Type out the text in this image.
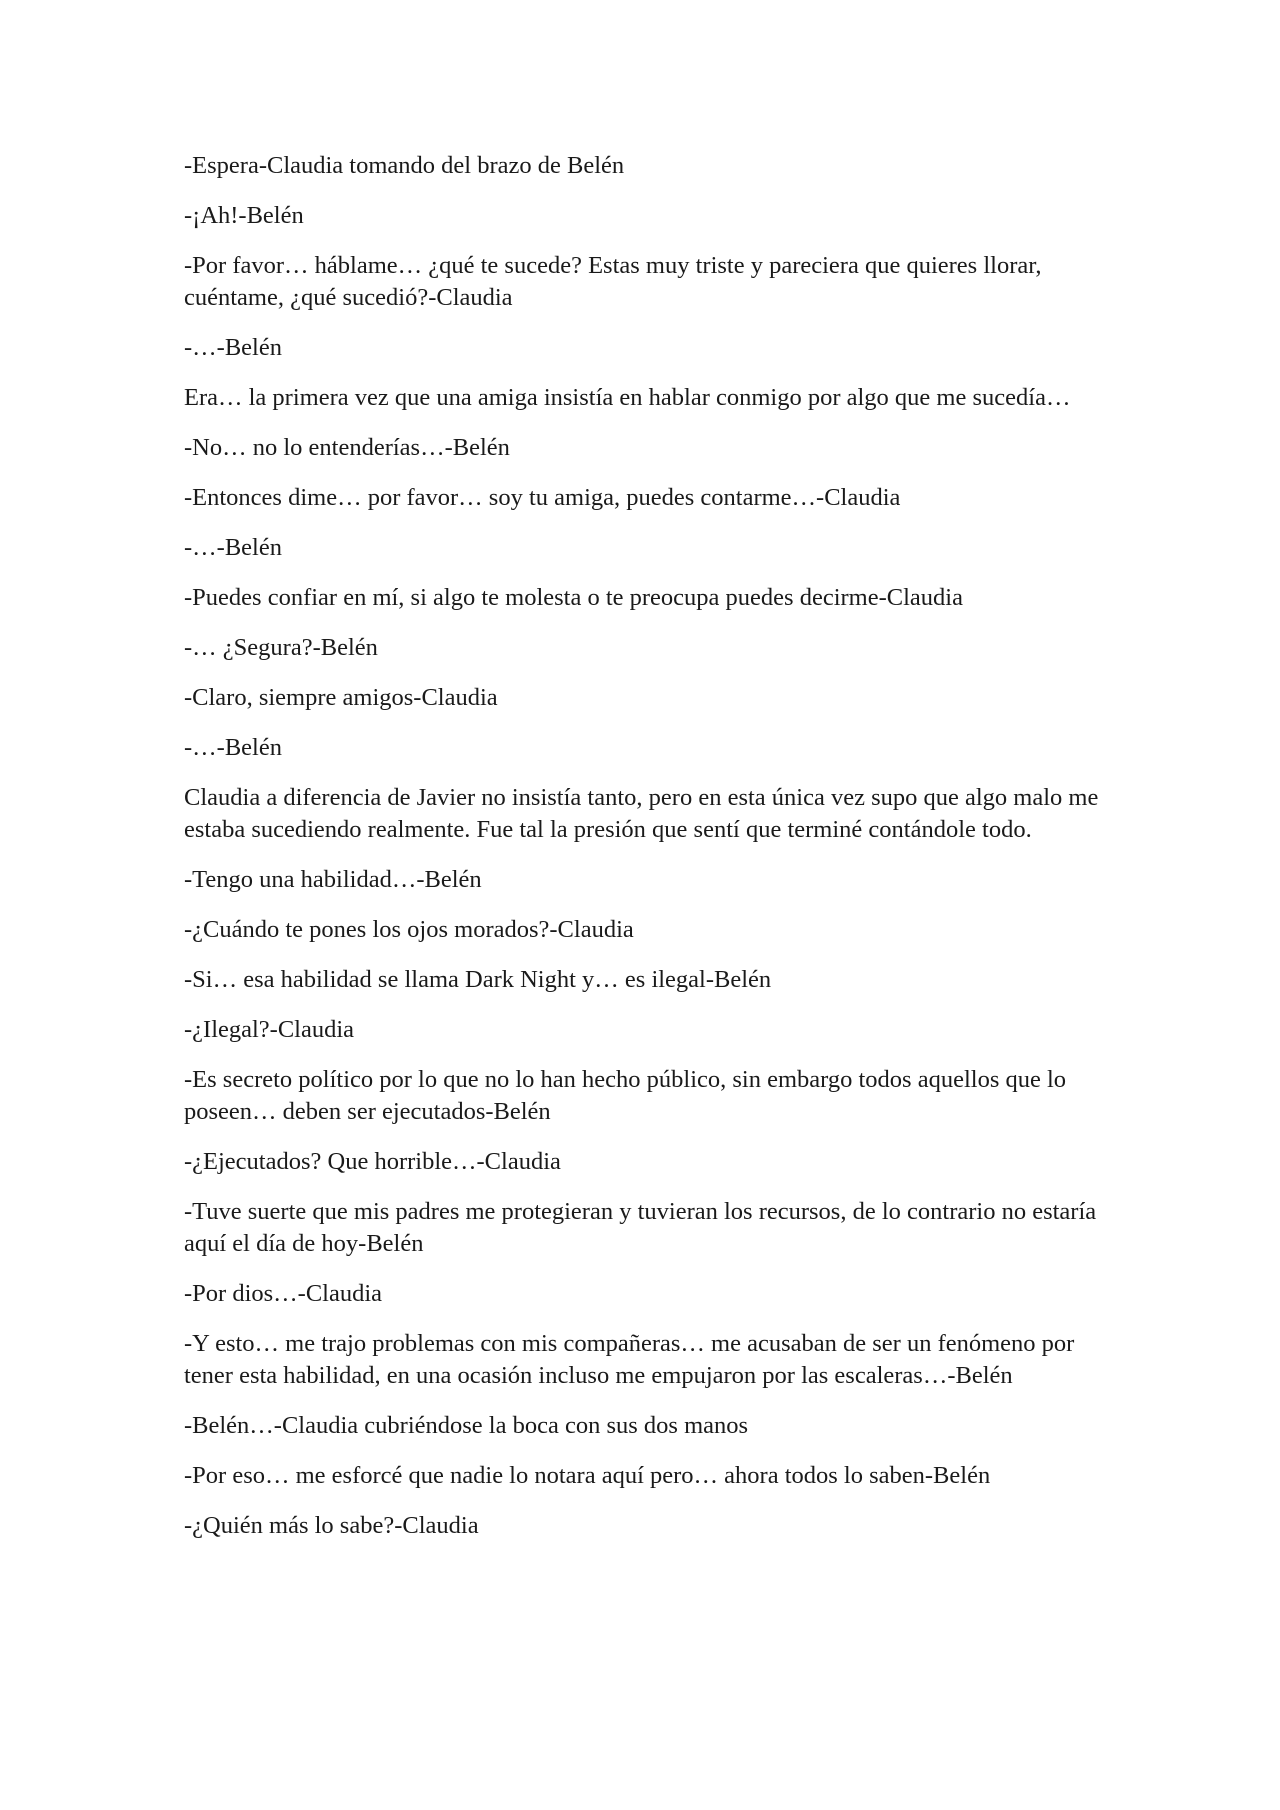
-Espera-Claudia tomando del brazo de Belén

-¡Ah!-Belén

-Por favor… háblame… ¿qué te sucede? Estas muy triste y pareciera que quieres llorar, cuéntame, ¿qué sucedió?-Claudia

-…-Belén

Era… la primera vez que una amiga insistía en hablar conmigo por algo que me sucedía…

-No… no lo entenderías…-Belén

-Entonces dime… por favor… soy tu amiga, puedes contarme…-Claudia

-…-Belén

-Puedes confiar en mí, si algo te molesta o te preocupa puedes decirme-Claudia

-… ¿Segura?-Belén

-Claro, siempre amigos-Claudia

-…-Belén

Claudia a diferencia de Javier no insistía tanto, pero en esta única vez supo que algo malo me estaba sucediendo realmente. Fue tal la presión que sentí que terminé contándole todo.

-Tengo una habilidad…-Belén

-¿Cuándo te pones los ojos morados?-Claudia

-Si… esa habilidad se llama Dark Night y… es ilegal-Belén

-¿Ilegal?-Claudia

-Es secreto político por lo que no lo han hecho público, sin embargo todos aquellos que lo poseen… deben ser ejecutados-Belén

-¿Ejecutados? Que horrible…-Claudia

-Tuve suerte que mis padres me protegieran y tuvieran los recursos, de lo contrario no estaría aquí el día de hoy-Belén

-Por dios…-Claudia

-Y esto… me trajo problemas con mis compañeras… me acusaban de ser un fenómeno por tener esta habilidad, en una ocasión incluso me empujaron por las escaleras…-Belén

-Belén…-Claudia cubriéndose la boca con sus dos manos

-Por eso… me esforcé que nadie lo notara aquí pero… ahora todos lo saben-Belén

-¿Quién más lo sabe?-Claudia
